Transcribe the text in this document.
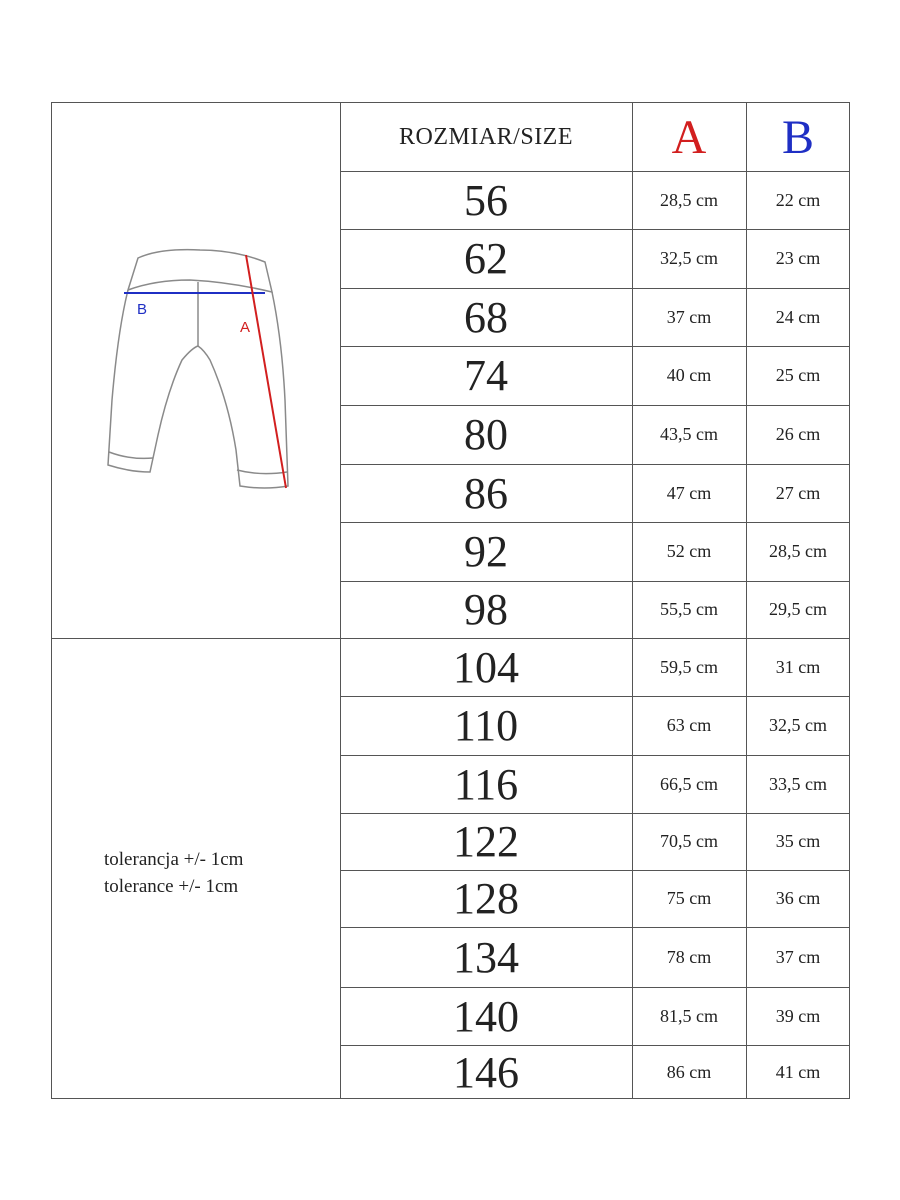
ROZMIAR/SIZE	A	B
B
A
tolerancja +/- 1cm
tolerance +/- 1cm
56	28,5 cm	22 cm
62	32,5 cm	23 cm
68	37 cm	24 cm
74	40 cm	25 cm
80	43,5 cm	26 cm
86	47 cm	27 cm
92	52 cm	28,5 cm
98	55,5 cm	29,5 cm
104	59,5 cm	31 cm
110	63 cm	32,5 cm
116	66,5 cm	33,5 cm
122	70,5 cm	35 cm
128	75 cm	36 cm
134	78 cm	37 cm
140	81,5 cm	39 cm
146	86 cm	41 cm
